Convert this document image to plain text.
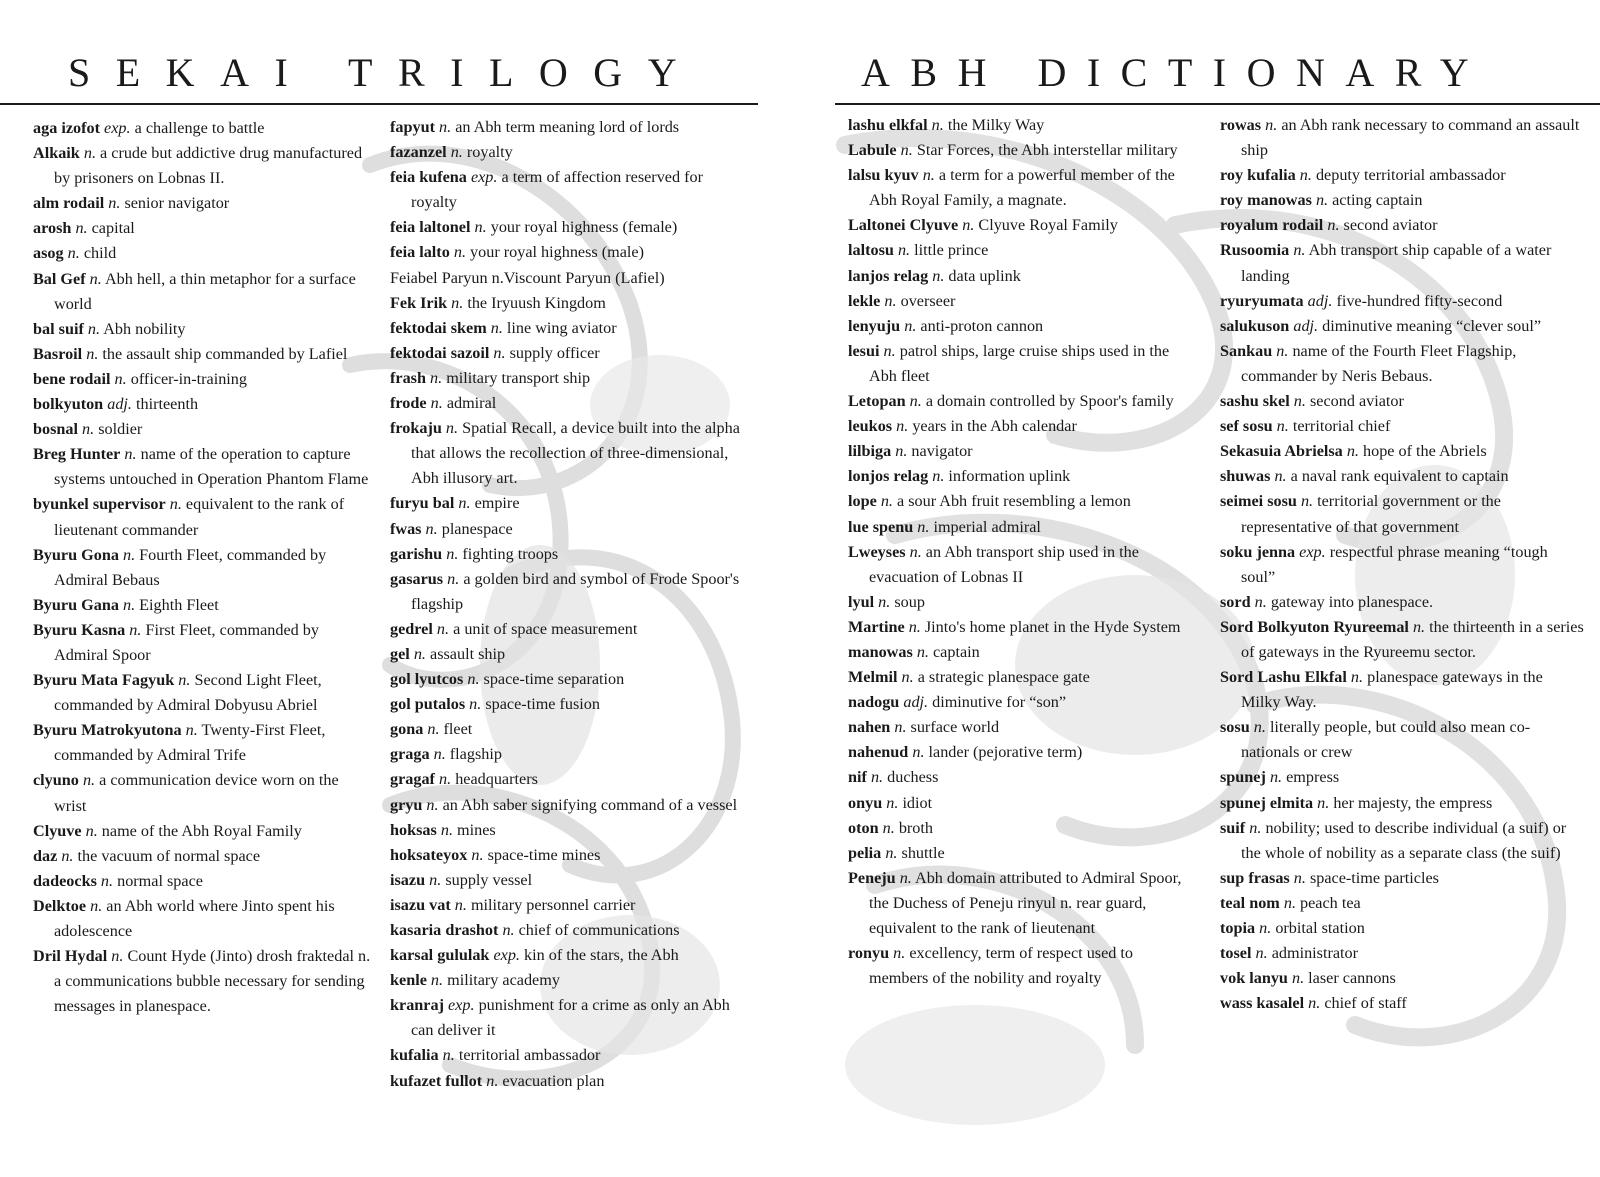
SEKAI TRILOGY
aga izofot exp. a challenge to battle
Alkaik n. a crude but addictive drug manufactured by prisoners on Lobnas II.
alm rodail n. senior navigator
arosh n. capital
asog n. child
Bal Gef n. Abh hell, a thin metaphor for a surface world
bal suif n. Abh nobility
Basroil n. the assault ship commanded by Lafiel
bene rodail n. officer-in-training
bolkyuton adj. thirteenth
bosnal n. soldier
Breg Hunter n. name of the operation to capture systems untouched in Operation Phantom Flame
byunkel supervisor n. equivalent to the rank of lieutenant commander
Byuru Gona n. Fourth Fleet, commanded by Admiral Bebaus
Byuru Gana n. Eighth Fleet
Byuru Kasna n. First Fleet, commanded by Admiral Spoor
Byuru Mata Fagyuk n. Second Light Fleet, commanded by Admiral Dobyusu Abriel
Byuru Matrokyutona n. Twenty-First Fleet, commanded by Admiral Trife
clyuno n. a communication device worn on the wrist
Clyuve n. name of the Abh Royal Family
daz n. the vacuum of normal space
dadeocks n. normal space
Delktoe n. an Abh world where Jinto spent his adolescence
Dril Hydal n. Count Hyde (Jinto) drosh fraktedal n. a communications bubble necessary for sending messages in planespace.
fapyut n. an Abh term meaning lord of lords
fazanzel n. royalty
feia kufena exp. a term of affection reserved for royalty
feia laltonel n. your royal highness (female)
feia lalto n. your royal highness (male)
Feiabel Paryun n.Viscount Paryun (Lafiel)
Fek Irik n. the Iryuush Kingdom
fektodai skem n. line wing aviator
fektodai sazoil n. supply officer
frash n. military transport ship
frode n. admiral
frokaju n. Spatial Recall, a device built into the alpha that allows the recollection of three-dimensional, Abh illusory art.
furyu bal n. empire
fwas n. planespace
garishu n. fighting troops
gasarus n. a golden bird and symbol of Frode Spoor's flagship
gedrel n. a unit of space measurement
gel n. assault ship
gol lyutcos n. space-time separation
gol putalos n. space-time fusion
gona n. fleet
graga n. flagship
gragaf n. headquarters
gryu n. an Abh saber signifying command of a vessel
hoksas n. mines
hoksateyox n. space-time mines
isazu n. supply vessel
isazu vat n. military personnel carrier
kasaria drashot n. chief of communications
karsal gululak exp. kin of the stars, the Abh
kenle n. military academy
kranraj exp. punishment for a crime as only an Abh can deliver it
kufalia n. territorial ambassador
kufazet fullot n. evacuation plan
ABH DICTIONARY
lashu elkfal n. the Milky Way
Labule n. Star Forces, the Abh interstellar military
lalsu kyuv n. a term for a powerful member of the Abh Royal Family, a magnate.
Laltonei Clyuve n. Clyuve Royal Family
laltosu n. little prince
lanjos relag n. data uplink
lekle n. overseer
lenyuju n. anti-proton cannon
lesui n. patrol ships, large cruise ships used in the Abh fleet
Letopan n. a domain controlled by Spoor's family
leukos n. years in the Abh calendar
lilbiga n. navigator
lonjos relag n. information uplink
lope n. a sour Abh fruit resembling a lemon
lue spenu n. imperial admiral
Lweyses n. an Abh transport ship used in the evacuation of Lobnas II
lyul n. soup
Martine n. Jinto's home planet in the Hyde System
manowas n. captain
Melmil n. a strategic planespace gate
nadogu adj. diminutive for “son”
nahen n. surface world
nahenud n. lander (pejorative term)
nif n. duchess
onyu n. idiot
oton n. broth
pelia n. shuttle
Peneju n. Abh domain attributed to Admiral Spoor, the Duchess of Peneju rinyul n. rear guard, equivalent to the rank of lieutenant
ronyu n. excellency, term of respect used to members of the nobility and royalty
rowas n. an Abh rank necessary to command an assault ship
roy kufalia n. deputy territorial ambassador
roy manowas n. acting captain
royalum rodail n. second aviator
Rusoomia n. Abh transport ship capable of a water landing
ryuryumata adj. five-hundred fifty-second
salukuson adj. diminutive meaning “clever soul”
Sankau n. name of the Fourth Fleet Flagship, commander by Neris Bebaus.
sashu skel n. second aviator
sef sosu n. territorial chief
Sekasuia Abrielsa n. hope of the Abriels
shuwas n. a naval rank equivalent to captain
seimei sosu n. territorial government or the representative of that government
soku jenna exp. respectful phrase meaning “tough soul”
sord n. gateway into planespace.
Sord Bolkyuton Ryureemal n. the thirteenth in a series of gateways in the Ryureemu sector.
Sord Lashu Elkfal n. planespace gateways in the Milky Way.
sosu n. literally people, but could also mean co-nationals or crew
spunej n. empress
spunej elmita n. her majesty, the empress
suif n. nobility; used to describe individual (a suif) or the whole of nobility as a separate class (the suif)
sup frasas n. space-time particles
teal nom n. peach tea
topia n. orbital station
tosel n. administrator
vok lanyu n. laser cannons
wass kasalel n. chief of staff
